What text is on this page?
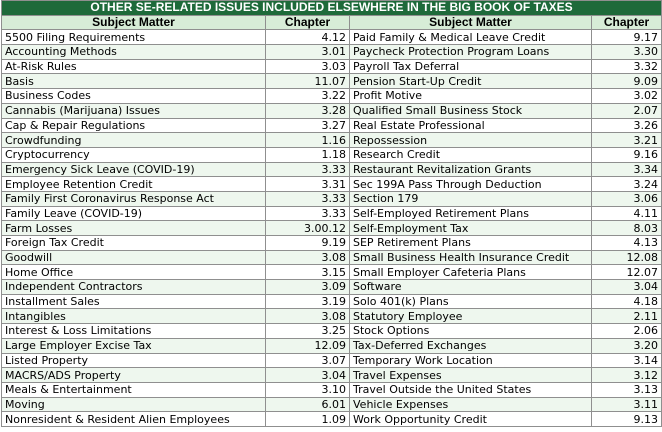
OTHER SE-RELATED ISSUES INCLUDED ELSEWHERE IN THE BIG BOOK OF TAXES			
Subject Matter	Chapter	Subject Matter	Chapter
5500 Filing Requirements	4.12	Paid Family & Medical Leave Credit	9.17
Accounting Methods	3.01	Paycheck Protection Program Loans	3.30
At-Risk Rules	3.03	Payroll Tax Deferral	3.32
Basis	11.07	Pension Start-Up Credit	9.09
Business Codes	3.22	Profit Motive	3.02
Cannabis (Marijuana) Issues	3.28	Qualified Small Business Stock	2.07
Cap & Repair Regulations	3.27	Real Estate Professional	3.26
Crowdfunding	1.16	Repossession	3.21
Cryptocurrency	1.18	Research Credit	9.16
Emergency Sick Leave (COVID-19)	3.33	Restaurant Revitalization Grants	3.34
Employee Retention Credit	3.31	Sec 199A Pass Through Deduction	3.24
Family First Coronavirus Response Act	3.33	Section 179	3.06
Family Leave (COVID-19)	3.33	Self-Employed Retirement Plans	4.11
Farm Losses	3.00.12	Self-Employment Tax	8.03
Foreign Tax Credit	9.19	SEP Retirement Plans	4.13
Goodwill	3.08	Small Business Health Insurance Credit	12.08
Home Office	3.15	Small Employer Cafeteria Plans	12.07
Independent Contractors	3.09	Software	3.04
Installment Sales	3.19	Solo 401(k) Plans	4.18
Intangibles	3.08	Statutory Employee	2.11
Interest & Loss Limitations	3.25	Stock Options	2.06
Large Employer Excise Tax	12.09	Tax-Deferred Exchanges	3.20
Listed Property	3.07	Temporary Work Location	3.14
MACRS/ADS Property	3.04	Travel Expenses	3.12
Meals & Entertainment	3.10	Travel Outside the United States	3.13
Moving	6.01	Vehicle Expenses	3.11
Nonresident & Resident Alien Employees	1.09	Work Opportunity Credit	9.13
